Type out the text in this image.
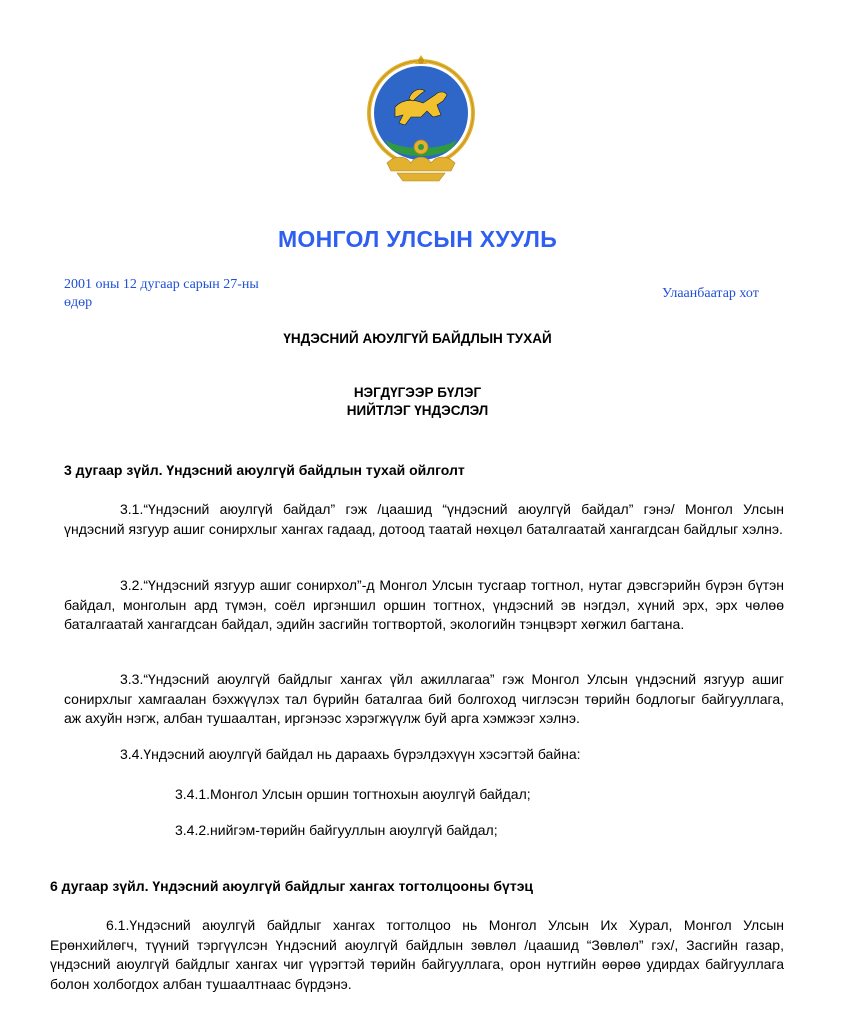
МОНГОЛ УЛСЫН ХУУЛЬ
2001 оны 12 дугаар сарын 27-ны
өдөр
Улаанбаатар хот
ҮНДЭСНИЙ АЮУЛГҮЙ БАЙДЛЫН ТУХАЙ
НЭГДҮГЭЭР БҮЛЭГ
НИЙТЛЭГ ҮНДЭСЛЭЛ
3 дугаар зүйл. Үндэсний аюулгүй байдлын тухай ойлголт
3.1.“Үндэсний аюулгүй байдал” гэж /цаашид “үндэсний аюулгүй байдал” гэнэ/ Монгол Улсын үндэсний язгуур ашиг сонирхлыг хангах гадаад, дотоод таатай нөхцөл баталгаатай хангагдсан байдлыг хэлнэ.
3.2.“Үндэсний язгуур ашиг сонирхол”-д Монгол Улсын тусгаар тогтнол, нутаг дэвсгэрийн бүрэн бүтэн байдал, монголын ард түмэн, соёл иргэншил оршин тогтнох, үндэсний эв нэгдэл, хүний эрх, эрх чөлөө баталгаатай хангагдсан байдал, эдийн засгийн тогтвортой, экологийн тэнцвэрт хөгжил багтана.
3.3.“Үндэсний аюулгүй байдлыг хангах үйл ажиллагаа” гэж Монгол Улсын үндэсний язгуур ашиг сонирхлыг хамгаалан бэхжүүлэх тал бүрийн баталгаа бий болгоход чиглэсэн төрийн бодлогыг байгууллага, аж ахуйн нэгж, албан тушаалтан, иргэнээс хэрэгжүүлж буй арга хэмжээг хэлнэ.
3.4.Үндэсний аюулгүй байдал нь дараахь бүрэлдэхүүн хэсэгтэй байна:
3.4.1.Монгол Улсын оршин тогтнохын аюулгүй байдал;
3.4.2.нийгэм-төрийн байгууллын аюулгүй байдал;
6 дугаар зүйл. Үндэсний аюулгүй байдлыг хангах тогтолцооны бүтэц
6.1.Үндэсний аюулгүй байдлыг хангах тогтолцоо нь Монгол Улсын Их Хурал, Монгол Улсын Ерөнхийлөгч, түүний тэргүүлсэн Үндэсний аюулгүй байдлын зөвлөл /цаашид “Зөвлөл” гэх/, Засгийн газар, үндэсний аюулгүй байдлыг хангах чиг үүрэгтэй төрийн байгууллага, орон нутгийн өөрөө удирдах байгууллага болон холбогдох албан тушаалтнаас бүрдэнэ.
